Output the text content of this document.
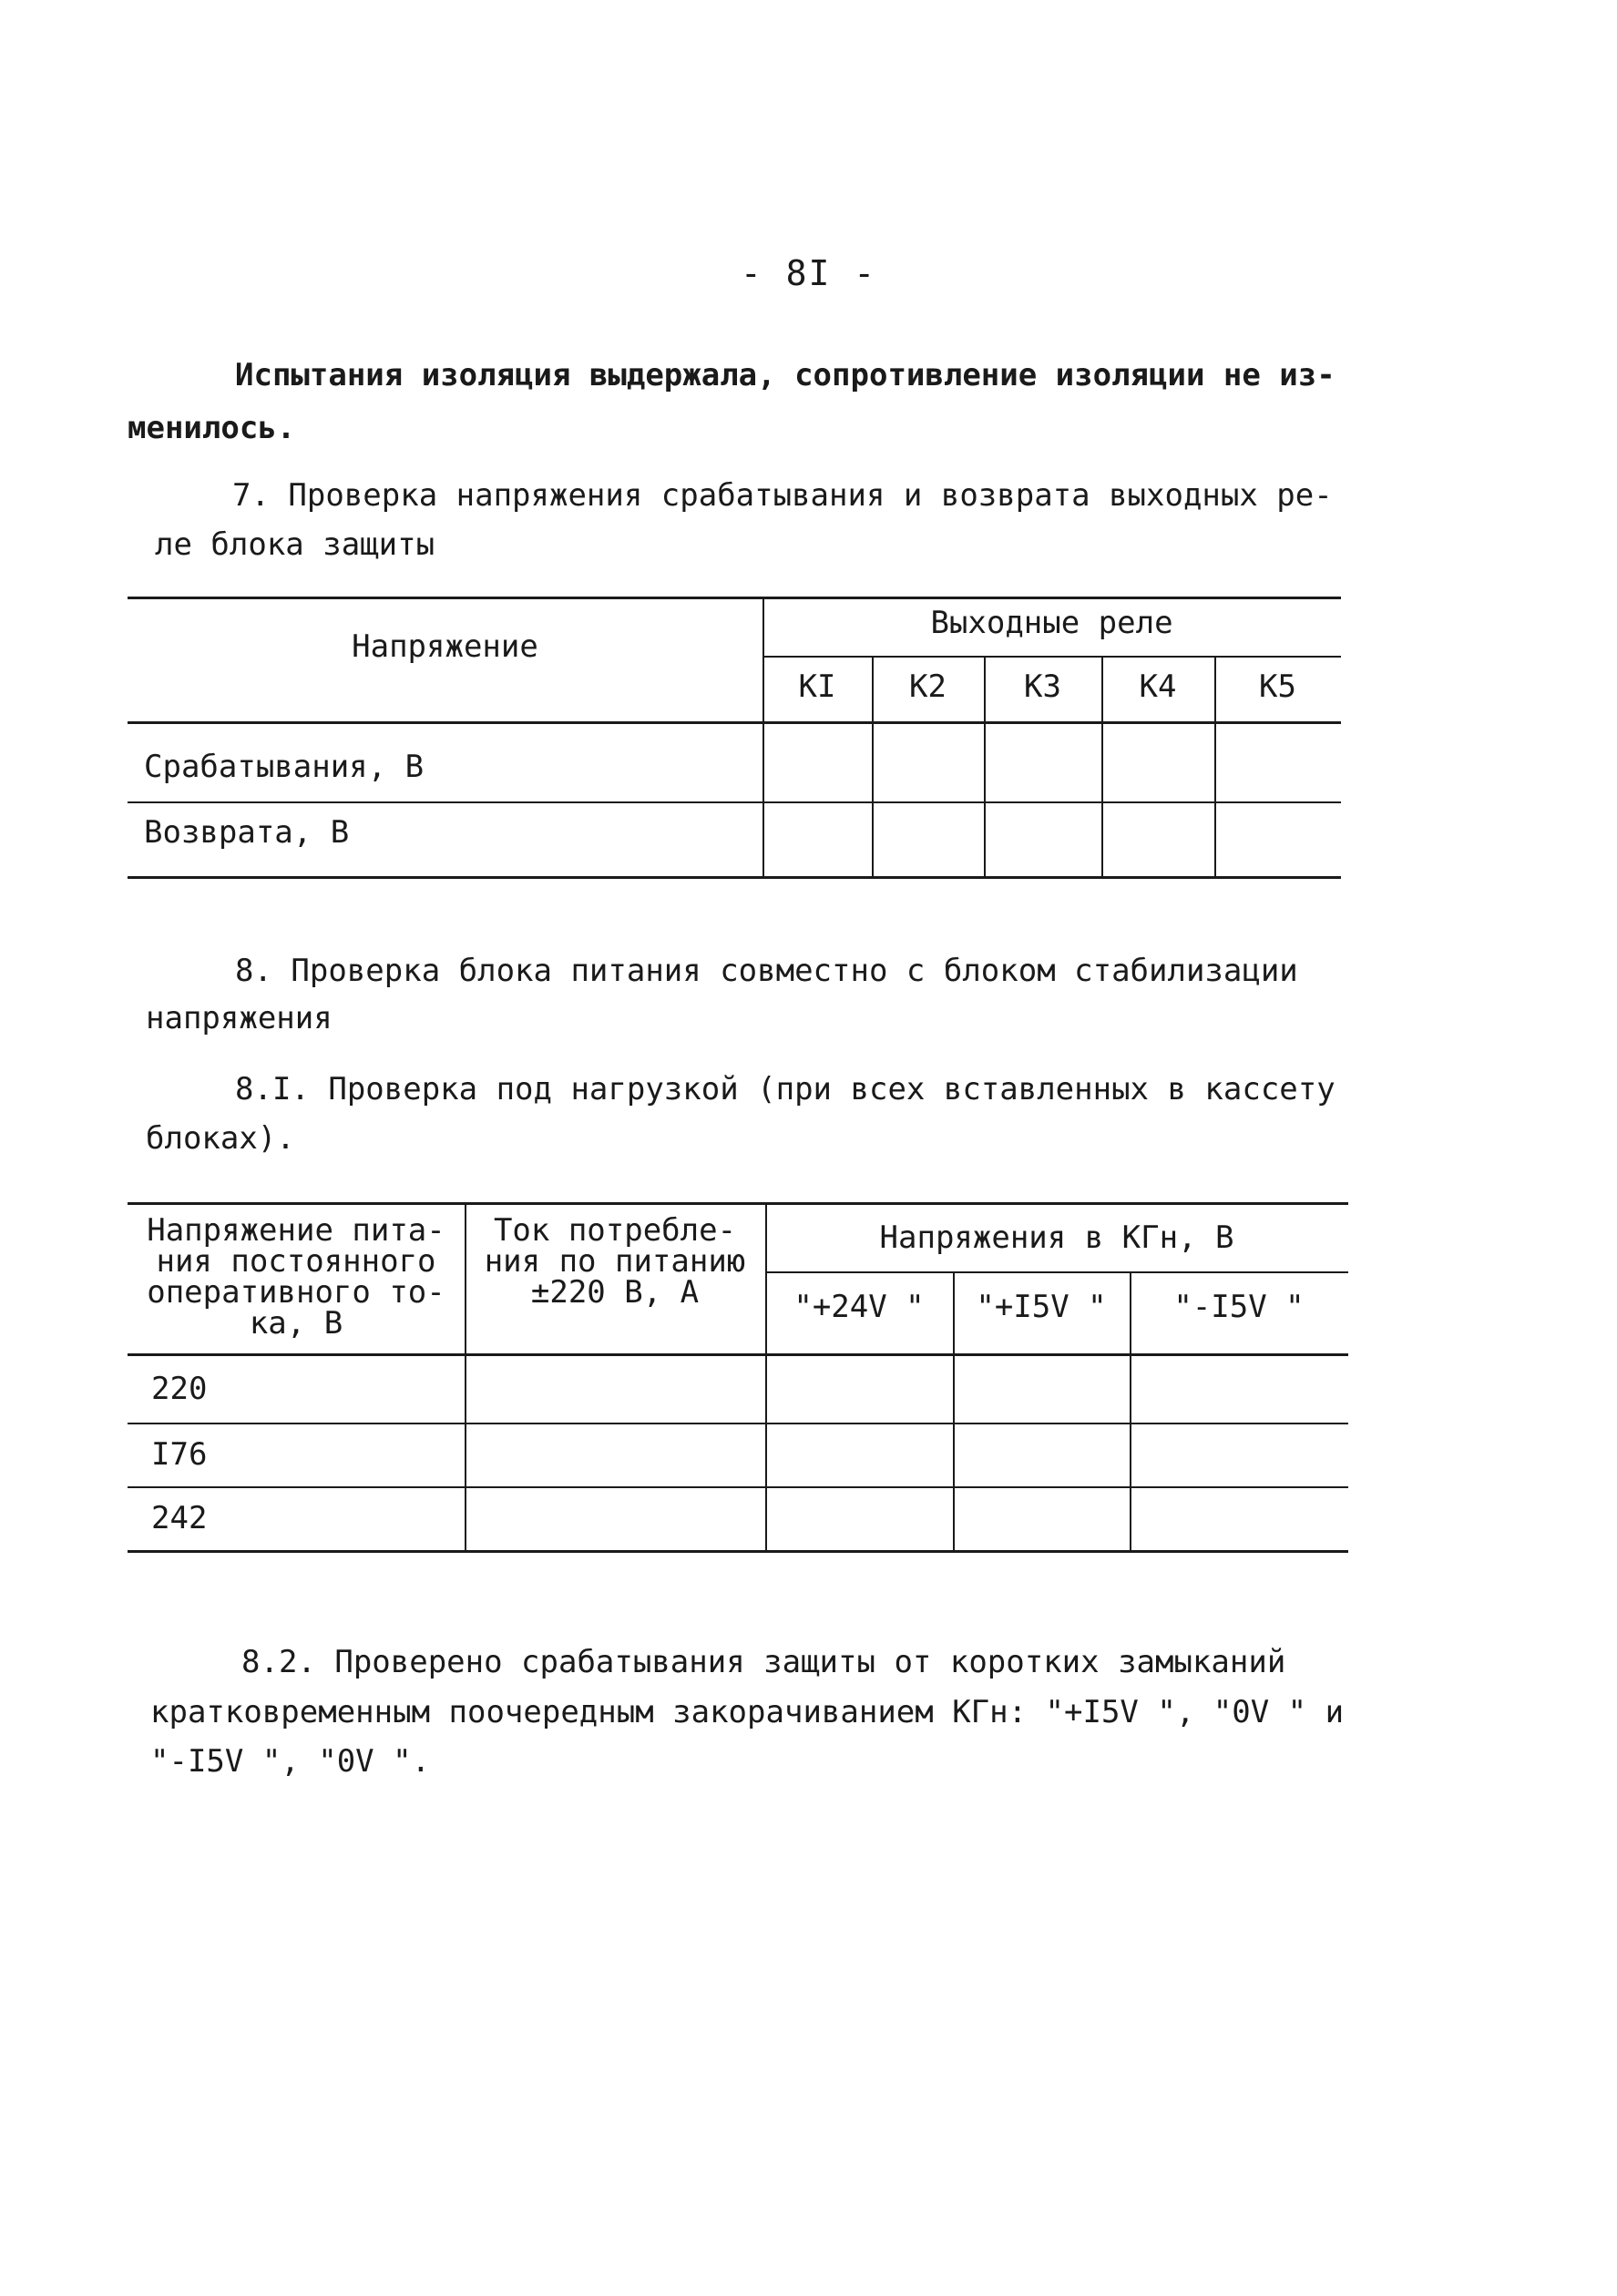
- 8I -
Испытания изоляция выдержала, сопротивление изоляции не из-
менилось.
7. Проверка напряжения срабатывания и возврата выходных ре-
ле блока защиты
Напряжение
Выходные реле
КI	К2	К3	К4	К5
Срабатывания, В
Возврата, В
8. Проверка блока питания совместно с блоком стабилизации
напряжения
8.I. Проверка под нагрузкой (при всех вставленных в кассету
блоках).
Напряжение пита-
ния постоянного
оперативного то-
ка, В
Ток потребле-
ния по питанию
±220 В, А
Напряжения в КГн, В
"+24V "	"+I5V "	"-I5V "
220
I76
242
8.2. Проверено срабатывания защиты от коротких замыканий
кратковременным поочередным закорачиванием КГн: "+I5V ", "0V " и
"-I5V ", "0V ".
